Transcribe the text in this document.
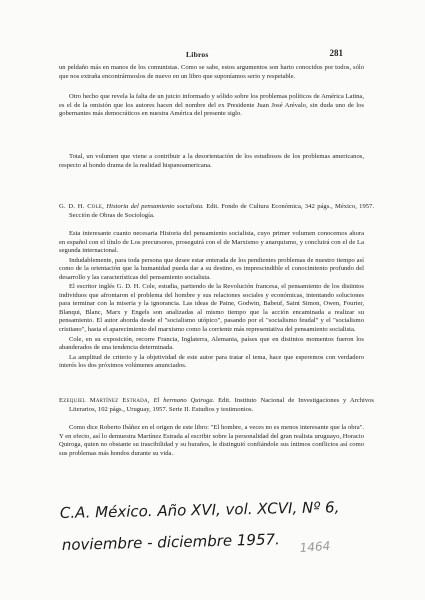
Libros	281

un peldaño más en manos de los comunistas. Como se sabe, estos argumentos son harto conocidos por todos, sólo que nos extraña encontrármoslos de nuevo en un libro que suponíamos serio y respetable.

Otro hecho que revela la falta de un juicio informado y sólido sobre los problemas políticos de América Latina, es el de la omisión que los autores hacen del nombre del ex Presidente Juan José Arévalo, sin duda uno de los gobernantes más democráticos en nuestra América del presente siglo.

Total, un volumen que viene a contribuir a la desorientación de los estudiosos de los problemas americanos, respecto al hondo drama de la realidad hispanoamericana.

G. D. H. Cole, Historia del pensamiento socialista. Edit. Fondo de Cultura Económica, 342 págs., México, 1957. Sección de Obras de Sociología.

Esta interesante cuanto necesaria Historia del pensamiento socialista, cuyo primer volumen conocemos ahora en español con el título de Los precursores, proseguirá con el de Marxismo y anarquismo, y concluirá con el de La segunda internacional.

Indudablemente, para toda persona que desee estar enterada de los pendientes problemas de nuestro tiempo así como de la orientación que la humanidad pueda dar a su destino, es imprescindible el conocimiento profundo del desarrollo y las características del pensamiento socialista.

El escritor inglés G. D. H. Cole, estudia, partiendo de la Revolución francesa, el pensamiento de los distintos individuos que afrontaron el problema del hombre y sus relaciones sociales y económicas, intentando soluciones para terminar con la miseria y la ignorancia. Las ideas de Paine, Godwin, Babeuf, Saint Simon, Owen, Fourier, Blanqui, Blanc, Marx y Engels son analizadas al mismo tiempo que la acción encaminada a realizar su pensamiento. El autor aborda desde el "socialismo utópico", pasando por el "socialismo feudal" y el "socialismo cristiano", hasta el aparecimiento del marxismo como la corriente más representativa del pensamiento socialista.

Cole, en su exposición, recorre Francia, Inglaterra, Alemania, países que en distintos momentos fueron los abanderados de una tendencia determinada.

La amplitud de criterio y la objetividad de este autor para tratar el tema, hace que esperemos con verdadero interés los dos próximos volúmenes anunciados.

Ezequiel Martínez Estrada, El hermano Quiroga. Edit. Instituto Nacional de Investigaciones y Archivos Literarios, 102 págs., Uruguay, 1957. Serie II. Estudios y testimonios.

Como dice Roberto Ibáñez en el origen de este libro: "El hombre, a veces no es menos interesante que la obra". Y en efecto, así lo demuestra Martínez Estrada al escribir sobre la personalidad del gran realista uruguayo, Horacio Quiroga, quien no obstante su irascibilidad y su huraños, le distinguió confiándole sus íntimos conflictos así como sus problemas más hondos durante su vida.

C.A. México. Año XVI, vol. XCVI, Nº 6,
noviembre - diciembre 1957. 1464
